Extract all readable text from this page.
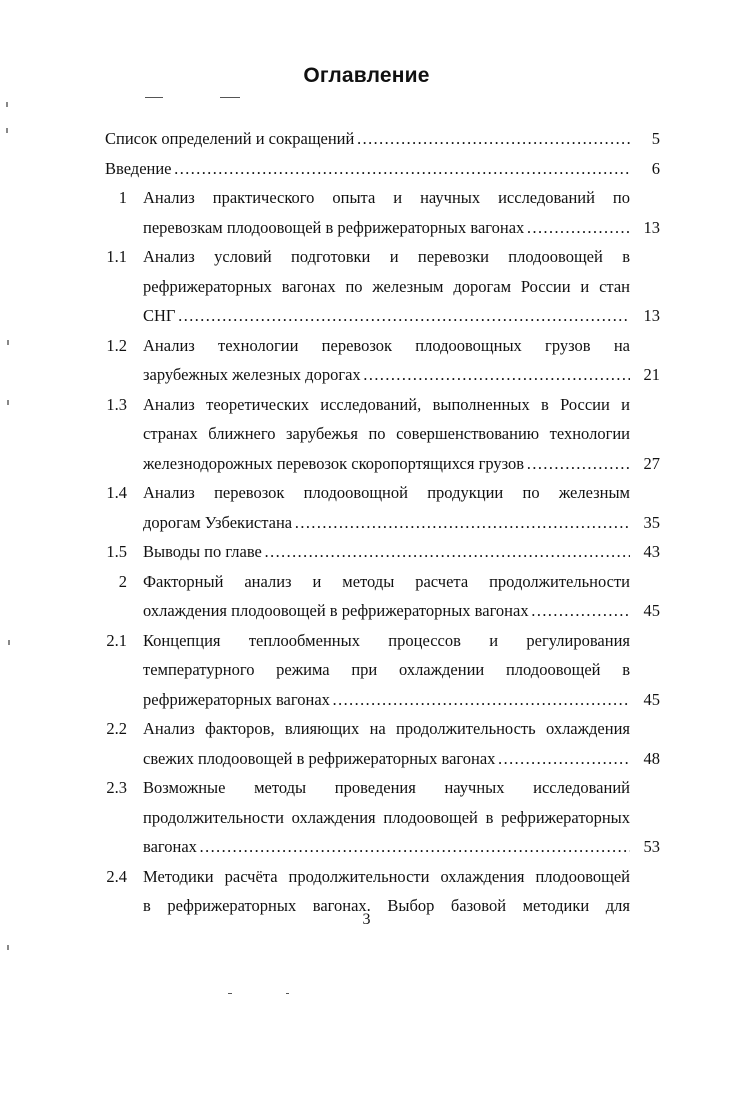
Оглавление
Список определений и сокращений ……………………………………………………………………………………………………………………………………………………………	5
Введение ……………………………………………………………………………………………………………………………………………………………	6
1 Анализ практического опыта и научных исследований по
перевозкам плодоовощей в рефрижераторных вагонах ……………………………………………………………………………………………………………………………………………………………	13
1.1 Анализ условий подготовки и перевозки плодоовощей в
рефрижераторных вагонах по железным дорогам России и стан
СНГ ……………………………………………………………………………………………………………………………………………………………	13
1.2 Анализ технологии перевозок плодоовощных грузов на
зарубежных железных дорогах ……………………………………………………………………………………………………………………………………………………………	21
1.3 Анализ теоретических исследований, выполненных в России и
странах ближнего зарубежья по совершенствованию технологии
железнодорожных перевозок скоропортящихся грузов ……………………………………………………………………………………………………………………………………………………………	27
1.4 Анализ перевозок плодоовощной продукции по железным
дорогам Узбекистана ……………………………………………………………………………………………………………………………………………………………	35
1.5 Выводы по главе ……………………………………………………………………………………………………………………………………………………………	43
2 Факторный анализ и методы расчета продолжительности
охлаждения плодоовощей в рефрижераторных вагонах ……………………………………………………………………………………………………………………………………………………………	45
2.1 Концепция теплообменных процессов и регулирования
температурного режима при охлаждении плодоовощей в
рефрижераторных вагонах ……………………………………………………………………………………………………………………………………………………………	45
2.2 Анализ факторов, влияющих на продолжительность охлаждения
свежих плодоовощей в рефрижераторных вагонах ……………………………………………………………………………………………………………………………………………………………	48
2.3 Возможные методы проведения научных исследований
продолжительности охлаждения плодоовощей в рефрижераторных
вагонах ……………………………………………………………………………………………………………………………………………………………	53
2.4 Методики расчёта продолжительности охлаждения плодоовощей
в рефрижераторных вагонах. Выбор базовой методики для
3
